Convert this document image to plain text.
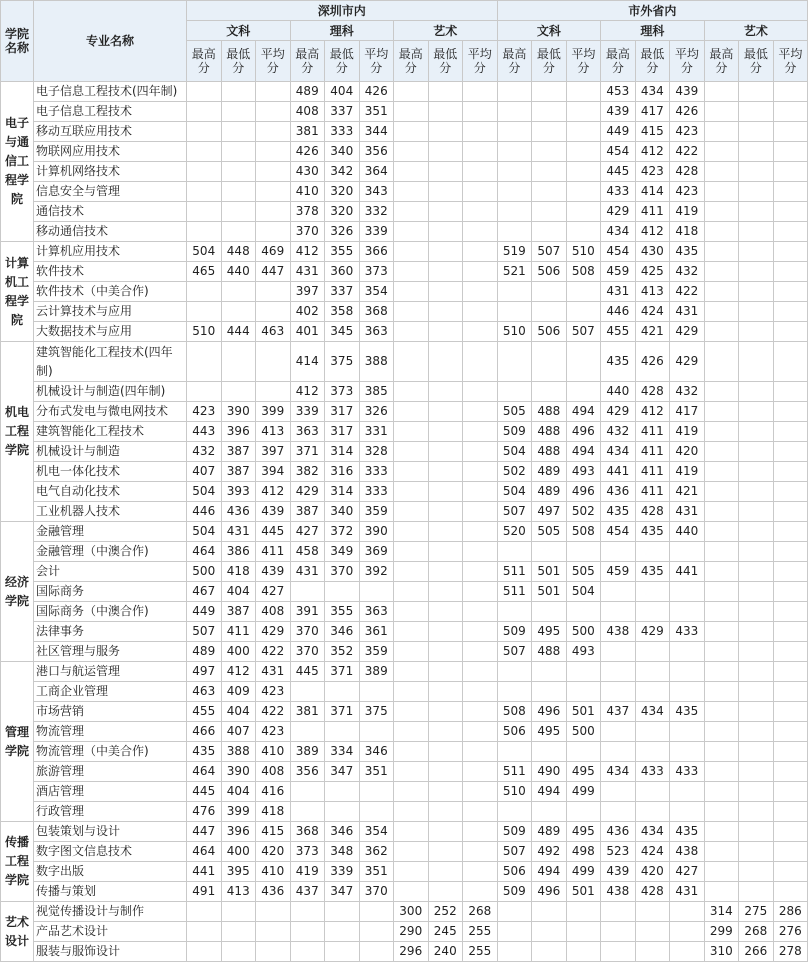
学院名称	专业名称	深圳市内									市外省内								
		文科			理科			艺术			文科			理科			艺术		
		最高分	最低分	平均分	最高分	最低分	平均分	最高分	最低分	平均分	最高分	最低分	平均分	最高分	最低分	平均分	最高分	最低分	平均分
电子与通信工程学院	电子信息工程技术(四年制)				489	404	426							453	434	439			
	电子信息工程技术				408	337	351							439	417	426			
	移动互联应用技术				381	333	344							449	415	423			
	物联网应用技术				426	340	356							454	412	422			
	计算机网络技术				430	342	364							445	423	428			
	信息安全与管理				410	320	343							433	414	423			
	通信技术				378	320	332							429	411	419			
	移动通信技术				370	326	339							434	412	418			
计算机工程学院	计算机应用技术	504	448	469	412	355	366				519	507	510	454	430	435			
	软件技术	465	440	447	431	360	373				521	506	508	459	425	432			
	软件技术（中美合作)				397	337	354							431	413	422			
	云计算技术与应用				402	358	368							446	424	431			
	大数据技术与应用	510	444	463	401	345	363				510	506	507	455	421	429			
机电工程学院	建筑智能化工程技术(四年制)				414	375	388							435	426	429			
	机械设计与制造(四年制)				412	373	385							440	428	432			
	分布式发电与微电网技术	423	390	399	339	317	326				505	488	494	429	412	417			
	建筑智能化工程技术	443	396	413	363	317	331				509	488	496	432	411	419			
	机械设计与制造	432	387	397	371	314	328				504	488	494	434	411	420			
	机电一体化技术	407	387	394	382	316	333				502	489	493	441	411	419			
	电气自动化技术	504	393	412	429	314	333				504	489	496	436	411	421			
	工业机器人技术	446	436	439	387	340	359				507	497	502	435	428	431			
经济学院	金融管理	504	431	445	427	372	390				520	505	508	454	435	440			
	金融管理（中澳合作)	464	386	411	458	349	369												
	会计	500	418	439	431	370	392				511	501	505	459	435	441			
	国际商务	467	404	427							511	501	504						
	国际商务（中澳合作)	449	387	408	391	355	363												
	法律事务	507	411	429	370	346	361				509	495	500	438	429	433			
	社区管理与服务	489	400	422	370	352	359				507	488	493						
管理学院	港口与航运管理	497	412	431	445	371	389												
	工商企业管理	463	409	423															
	市场营销	455	404	422	381	371	375				508	496	501	437	434	435			
	物流管理	466	407	423							506	495	500						
	物流管理（中美合作)	435	388	410	389	334	346												
	旅游管理	464	390	408	356	347	351				511	490	495	434	433	433			
	酒店管理	445	404	416							510	494	499						
	行政管理	476	399	418															
传播工程学院	包装策划与设计	447	396	415	368	346	354				509	489	495	436	434	435			
	数字图文信息技术	464	400	420	373	348	362				507	492	498	523	424	438			
	数字出版	441	395	410	419	339	351				506	494	499	439	420	427			
	传播与策划	491	413	436	437	347	370				509	496	501	438	428	431			
艺术设计	视觉传播设计与制作							300	252	268							314	275	286
	产品艺术设计							290	245	255							299	268	276
	服装与服饰设计							296	240	255							310	266	278
